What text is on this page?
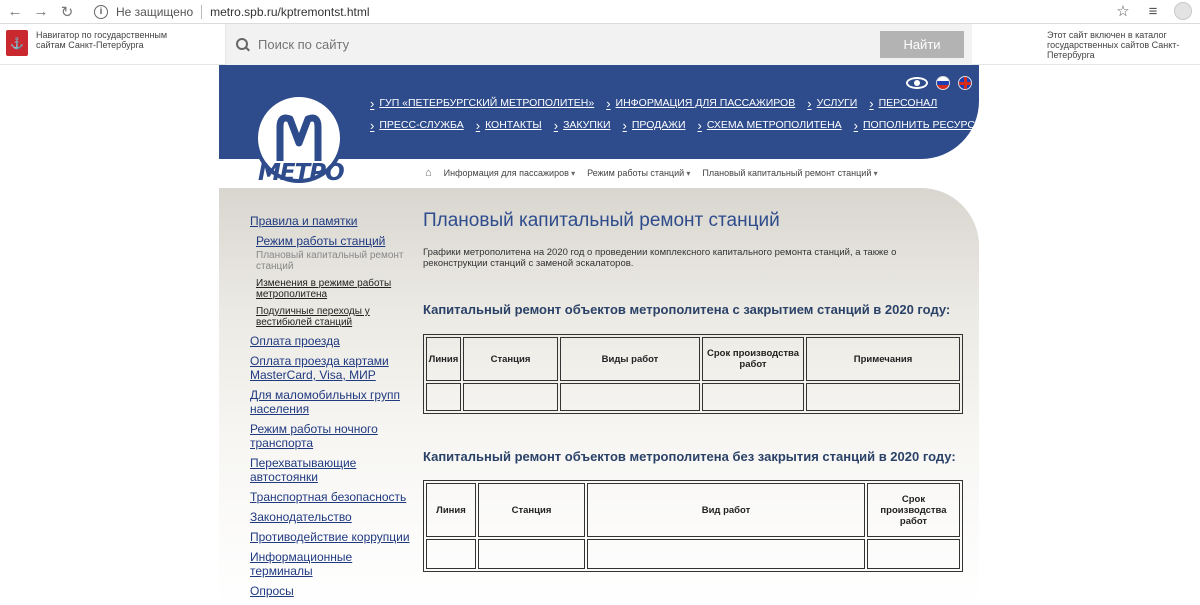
← → ↻	i	Не защищено metro.spb.ru/kptremontst.html	☆	≡
⚓
Навигатор по государственным сайтам Санкт-Петербурга
Поиск по сайту	Найти
Этот сайт включен в каталог государственных сайтов Санкт-Петербурга
МЕТРО
› ГУП «ПЕТЕРБУРГСКИЙ МЕТРОПОЛИТЕН»	› ИНФОРМАЦИЯ ДЛЯ ПАССАЖИРОВ	› УСЛУГИ	› ПЕРСОНАЛ
› ПРЕСС-СЛУЖБА	› КОНТАКТЫ	› ЗАКУПКИ	› ПРОДАЖИ	› СХЕМА МЕТРОПОЛИТЕНА	› ПОПОЛНИТЬ РЕСУРС
⌂ Информация для пассажиров ▾	Режим работы станций ▾	Плановый капитальный ремонт станций ▾
Правила и памятки
Режим работы станций
Плановый капитальный ремонт станций
Изменения в режиме работы метрополитена
Подуличные переходы у вестибюлей станций
Оплата проезда
Оплата проезда картами MasterCard, Visa, МИР
Для маломобильных групп населения
Режим работы ночного транспорта
Перехватывающие автостоянки
Транспортная безопасность
Законодательство
Противодействие коррупции
Информационные терминалы
Опросы
Плановый капитальный ремонт станций

Графики метрополитена на 2020 год о проведении комплексного капитального ремонта станций, а также о реконструкции станций с заменой эскалаторов.

Капитальный ремонт объектов метрополитена с закрытием станций в 2020 году:
Линия	Станция	Виды работ	Срок производства работ	Примечания

Капитальный ремонт объектов метрополитена без закрытия станций в 2020 году:
Линия	Станция	Вид работ	Срок производства работ
